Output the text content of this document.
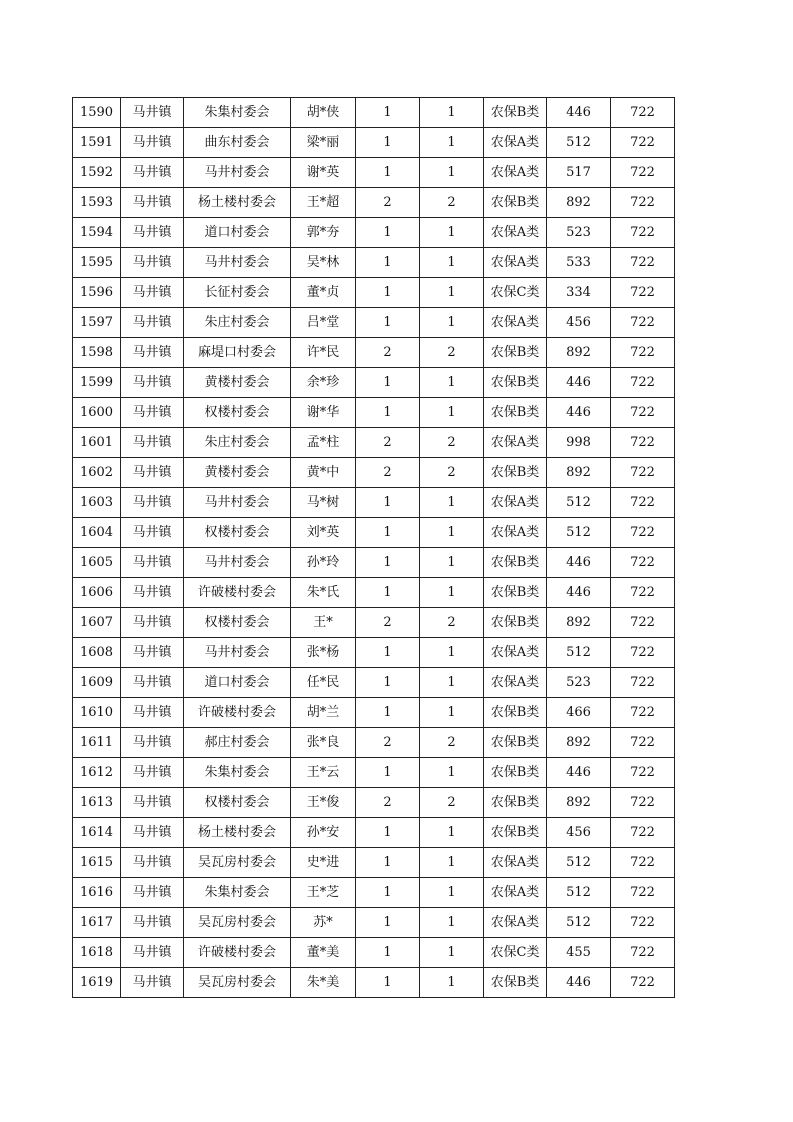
1590	马井镇	朱集村委会	胡*侠	1	1	农保B类	446	722
1591	马井镇	曲东村委会	梁*丽	1	1	农保A类	512	722
1592	马井镇	马井村委会	谢*英	1	1	农保A类	517	722
1593	马井镇	杨土楼村委会	王*超	2	2	农保B类	892	722
1594	马井镇	道口村委会	郭*夯	1	1	农保A类	523	722
1595	马井镇	马井村委会	吴*林	1	1	农保A类	533	722
1596	马井镇	长征村委会	董*贞	1	1	农保C类	334	722
1597	马井镇	朱庄村委会	吕*堂	1	1	农保A类	456	722
1598	马井镇	麻堤口村委会	许*民	2	2	农保B类	892	722
1599	马井镇	黄楼村委会	余*珍	1	1	农保B类	446	722
1600	马井镇	权楼村委会	谢*华	1	1	农保B类	446	722
1601	马井镇	朱庄村委会	孟*柱	2	2	农保A类	998	722
1602	马井镇	黄楼村委会	黄*中	2	2	农保B类	892	722
1603	马井镇	马井村委会	马*树	1	1	农保A类	512	722
1604	马井镇	权楼村委会	刘*英	1	1	农保A类	512	722
1605	马井镇	马井村委会	孙*玲	1	1	农保B类	446	722
1606	马井镇	许破楼村委会	朱*氏	1	1	农保B类	446	722
1607	马井镇	权楼村委会	王*	2	2	农保B类	892	722
1608	马井镇	马井村委会	张*杨	1	1	农保A类	512	722
1609	马井镇	道口村委会	任*民	1	1	农保A类	523	722
1610	马井镇	许破楼村委会	胡*兰	1	1	农保B类	466	722
1611	马井镇	郝庄村委会	张*良	2	2	农保B类	892	722
1612	马井镇	朱集村委会	王*云	1	1	农保B类	446	722
1613	马井镇	权楼村委会	王*俊	2	2	农保B类	892	722
1614	马井镇	杨土楼村委会	孙*安	1	1	农保B类	456	722
1615	马井镇	吴瓦房村委会	史*进	1	1	农保A类	512	722
1616	马井镇	朱集村委会	王*芝	1	1	农保A类	512	722
1617	马井镇	吴瓦房村委会	苏*	1	1	农保A类	512	722
1618	马井镇	许破楼村委会	董*美	1	1	农保C类	455	722
1619	马井镇	吴瓦房村委会	朱*美	1	1	农保B类	446	722
